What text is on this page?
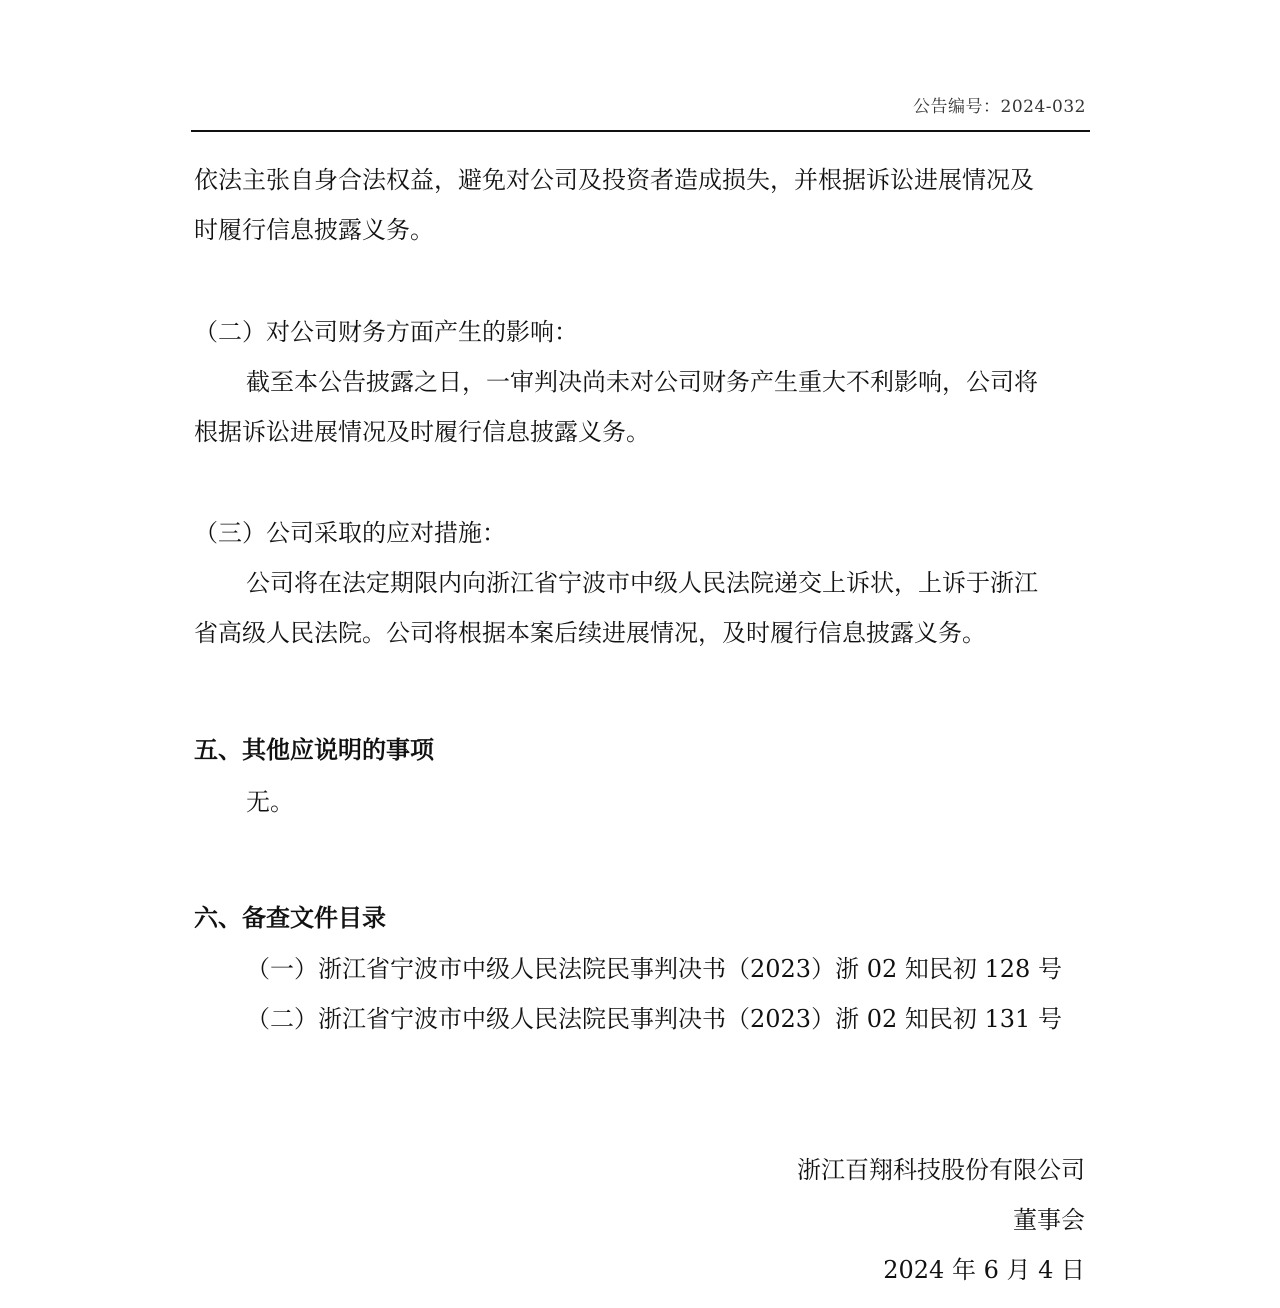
公告编号：2024-032
依法主张自身合法权益，避免对公司及投资者造成损失，并根据诉讼进展情况及
时履行信息披露义务。
（二）对公司财务方面产生的影响：
截至本公告披露之日，一审判决尚未对公司财务产生重大不利影响，公司将
根据诉讼进展情况及时履行信息披露义务。
（三）公司采取的应对措施：
公司将在法定期限内向浙江省宁波市中级人民法院递交上诉状，上诉于浙江
省高级人民法院。公司将根据本案后续进展情况，及时履行信息披露义务。
五、其他应说明的事项
无。
六、备查文件目录
（一）浙江省宁波市中级人民法院民事判决书（2023）浙 02 知民初 128 号
（二）浙江省宁波市中级人民法院民事判决书（2023）浙 02 知民初 131 号
浙江百翔科技股份有限公司
董事会
2024 年 6 月 4 日
